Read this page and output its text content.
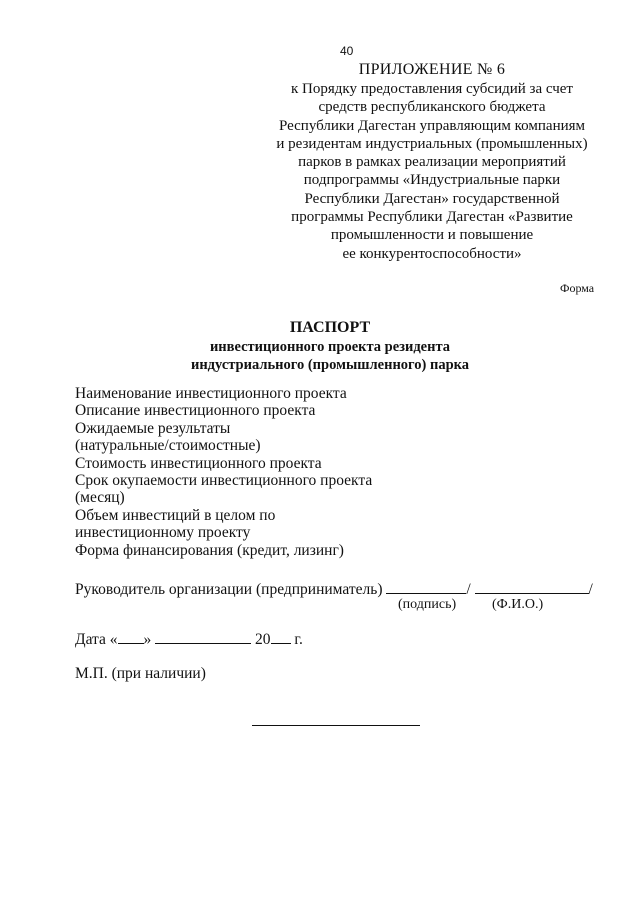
40
ПРИЛОЖЕНИЕ № 6
к Порядку предоставления субсидий за счет
средств республиканского бюджета
Республики Дагестан управляющим компаниям
и резидентам индустриальных (промышленных)
парков в рамках реализации мероприятий
подпрограммы «Индустриальные парки
Республики Дагестан» государственной
программы Республики Дагестан «Развитие
промышленности и повышение
ее конкурентоспособности»
Форма
ПАСПОРТ
инвестиционного проекта резидента
индустриального (промышленного) парка
Наименование инвестиционного проекта
Описание инвестиционного проекта
Ожидаемые результаты
(натуральные/стоимостные)
Стоимость инвестиционного проекта
Срок окупаемости инвестиционного проекта
(месяц)
Объем инвестиций в целом по
инвестиционному проекту
Форма финансирования (кредит, лизинг)
Руководитель организации (предприниматель)	/	/
(подпись)	(Ф.И.О.)
Дата « »	20 г.
М.П. (при наличии)
